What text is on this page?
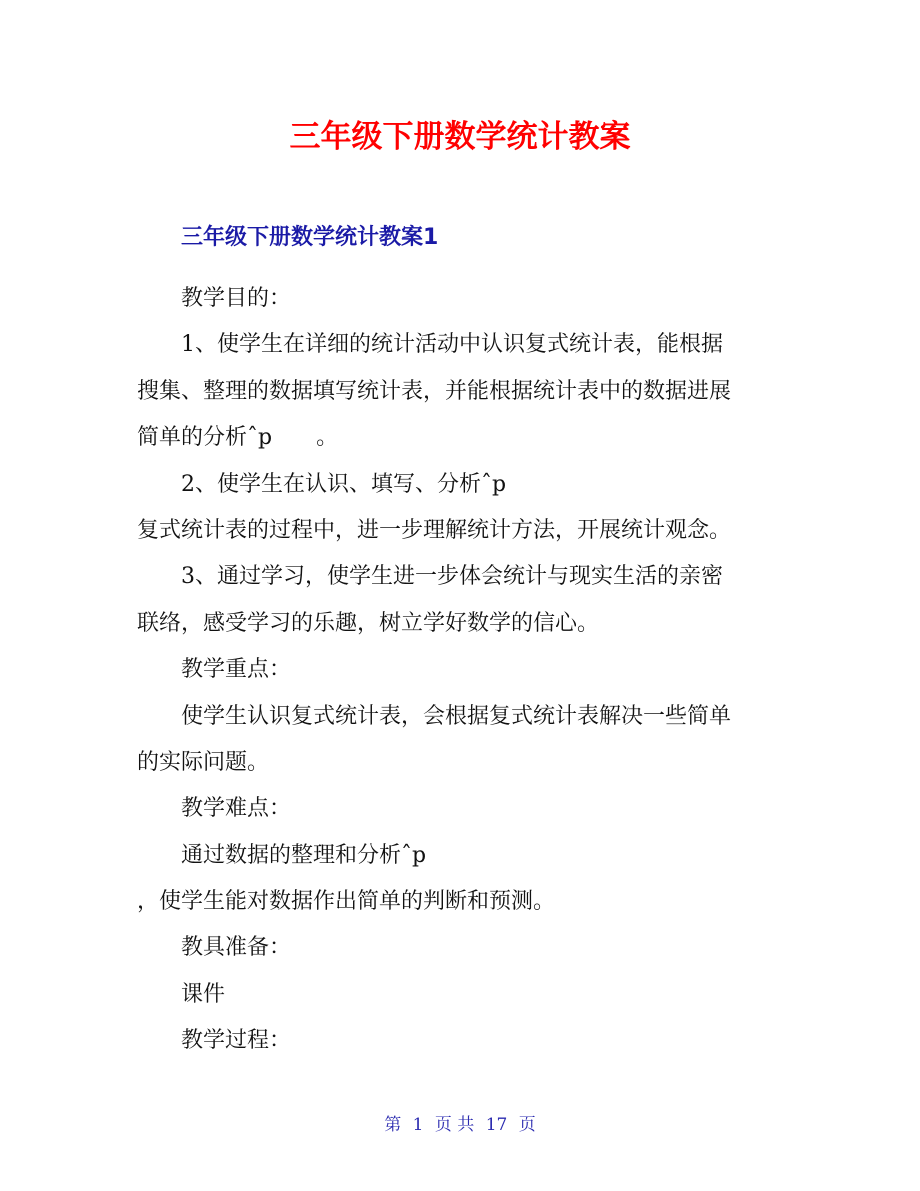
三年级下册数学统计教案
三年级下册数学统计教案1
教学目的：
1、使学生在详细的统计活动中认识复式统计表，能根据
搜集、整理的数据填写统计表，并能根据统计表中的数据进展
简单的分析ˆp　　。
2、使学生在认识、填写、分析ˆp
复式统计表的过程中，进一步理解统计方法，开展统计观念。
3、通过学习，使学生进一步体会统计与现实生活的亲密
联络，感受学习的乐趣，树立学好数学的信心。
教学重点：
使学生认识复式统计表，会根据复式统计表解决一些简单
的实际问题。
教学难点：
通过数据的整理和分析ˆp
，使学生能对数据作出简单的判断和预测。
教具准备：
课件
教学过程：
第 1 页 共 17 页
